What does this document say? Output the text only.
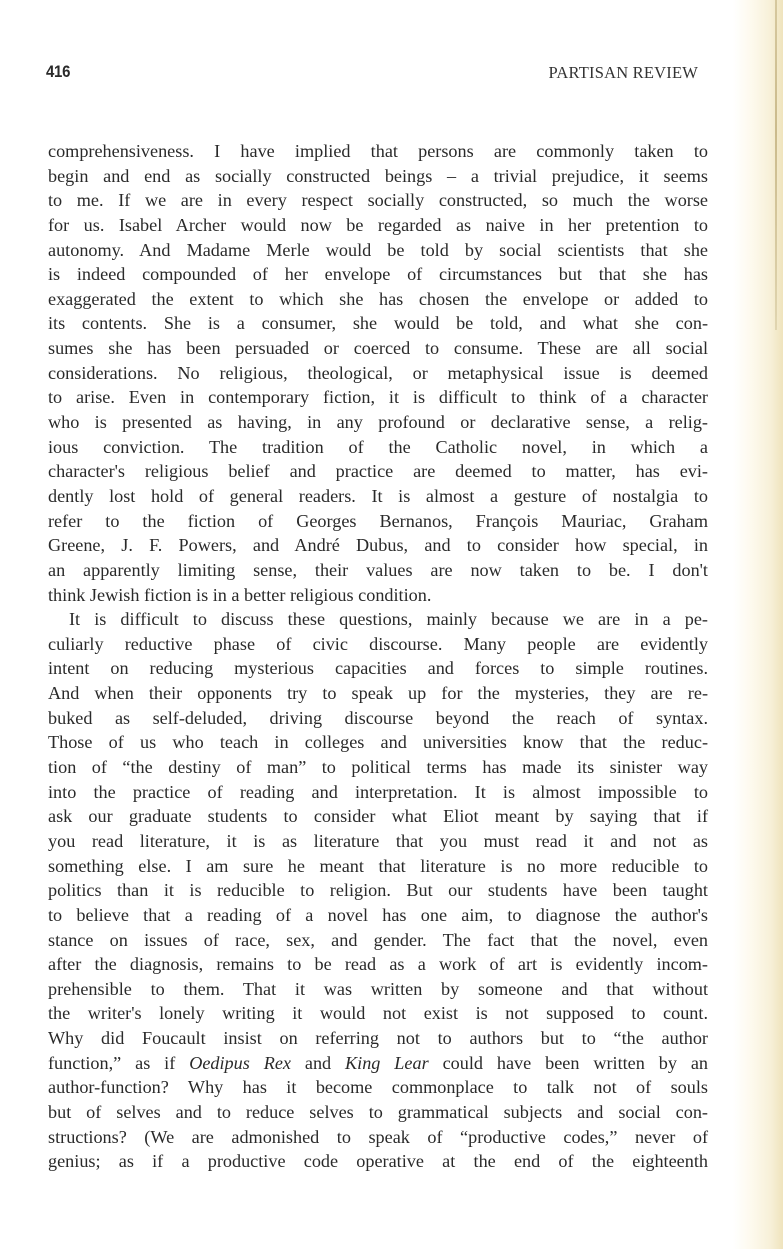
416	PARTISAN REVIEW
comprehensiveness. I have implied that persons are commonly taken to
begin and end as socially constructed beings – a trivial prejudice, it seems
to me. If we are in every respect socially constructed, so much the worse
for us. Isabel Archer would now be regarded as naive in her pretention to
autonomy. And Madame Merle would be told by social scientists that she
is indeed compounded of her envelope of circumstances but that she has
exaggerated the extent to which she has chosen the envelope or added to
its contents. She is a consumer, she would be told, and what she con-
sumes she has been persuaded or coerced to consume. These are all social
considerations. No religious, theological, or metaphysical issue is deemed
to arise. Even in contemporary fiction, it is difficult to think of a character
who is presented as having, in any profound or declarative sense, a relig-
ious conviction. The tradition of the Catholic novel, in which a
character's religious belief and practice are deemed to matter, has evi-
dently lost hold of general readers. It is almost a gesture of nostalgia to
refer to the fiction of Georges Bernanos, François Mauriac, Graham
Greene, J. F. Powers, and André Dubus, and to consider how special, in
an apparently limiting sense, their values are now taken to be. I don't
think Jewish fiction is in a better religious condition.
It is difficult to discuss these questions, mainly because we are in a pe-
culiarly reductive phase of civic discourse. Many people are evidently
intent on reducing mysterious capacities and forces to simple routines.
And when their opponents try to speak up for the mysteries, they are re-
buked as self-deluded, driving discourse beyond the reach of syntax.
Those of us who teach in colleges and universities know that the reduc-
tion of “the destiny of man” to political terms has made its sinister way
into the practice of reading and interpretation. It is almost impossible to
ask our graduate students to consider what Eliot meant by saying that if
you read literature, it is as literature that you must read it and not as
something else. I am sure he meant that literature is no more reducible to
politics than it is reducible to religion. But our students have been taught
to believe that a reading of a novel has one aim, to diagnose the author's
stance on issues of race, sex, and gender. The fact that the novel, even
after the diagnosis, remains to be read as a work of art is evidently incom-
prehensible to them. That it was written by someone and that without
the writer's lonely writing it would not exist is not supposed to count.
Why did Foucault insist on referring not to authors but to “the author
function,” as if Oedipus Rex and King Lear could have been written by an
author-function? Why has it become commonplace to talk not of souls
but of selves and to reduce selves to grammatical subjects and social con-
structions? (We are admonished to speak of “productive codes,” never of
genius; as if a productive code operative at the end of the eighteenth
